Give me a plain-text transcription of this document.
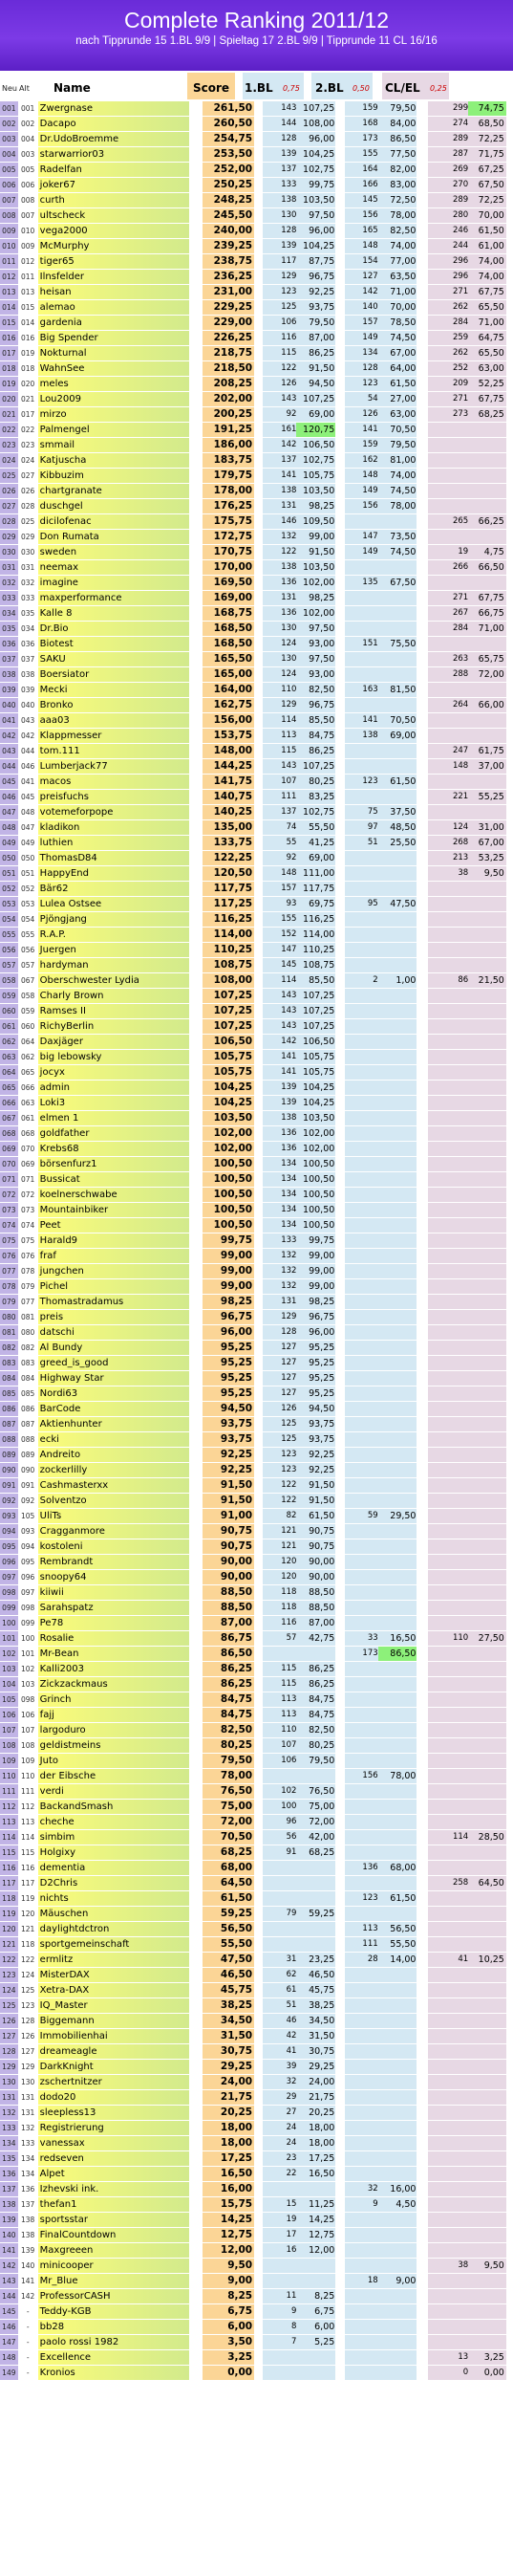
Complete Ranking 2011/12
nach Tipprunde 15 1.BL 9/9 | Spieltag 17 2.BL 9/9 | Tipprunde 11 CL 16/16
Neu Alt Name	Score 1.BL 0,75 2.BL 0,50 CL/EL 0,25
001	001	Zwergnase		261,50		143	107,25		159	79,50		299	74,75	
002	002	Dacapo		260,50		144	108,00		168	84,00		274	68,50	
003	004	Dr.UdoBroemme		254,75		128	96,00		173	86,50		289	72,25	
004	003	starwarrior03		253,50		139	104,25		155	77,50		287	71,75	
005	005	Radelfan		252,00		137	102,75		164	82,00		269	67,25	
006	006	joker67		250,25		133	99,75		166	83,00		270	67,50	
007	008	curth		248,25		138	103,50		145	72,50		289	72,25	
008	007	ultscheck		245,50		130	97,50		156	78,00		280	70,00	
009	010	vega2000		240,00		128	96,00		165	82,50		246	61,50	
010	009	McMurphy		239,25		139	104,25		148	74,00		244	61,00	
011	012	tiger65		238,75		117	87,75		154	77,00		296	74,00	
012	011	Ilnsfelder		236,25		129	96,75		127	63,50		296	74,00	
013	013	heisan		231,00		123	92,25		142	71,00		271	67,75	
014	015	alemao		229,25		125	93,75		140	70,00		262	65,50	
015	014	gardenia		229,00		106	79,50		157	78,50		284	71,00	
016	016	Big Spender		226,25		116	87,00		149	74,50		259	64,75	
017	019	Nokturnal		218,75		115	86,25		134	67,00		262	65,50	
018	018	WahnSee		218,50		122	91,50		128	64,00		252	63,00	
019	020	meles		208,25		126	94,50		123	61,50		209	52,25	
020	021	Lou2009		202,00		143	107,25		54	27,00		271	67,75	
021	017	mirzo		200,25		92	69,00		126	63,00		273	68,25	
022	022	Palmengel		191,25		161	120,75		141	70,50				
023	023	smmail		186,00		142	106,50		159	79,50				
024	024	Katjuscha		183,75		137	102,75		162	81,00				
025	027	Kibbuzim		179,75		141	105,75		148	74,00				
026	026	chartgranate		178,00		138	103,50		149	74,50				
027	028	duschgel		176,25		131	98,25		156	78,00				
028	025	dicilofenac		175,75		146	109,50					265	66,25	
029	029	Don Rumata		172,75		132	99,00		147	73,50				
030	030	sweden		170,75		122	91,50		149	74,50		19	4,75	
031	031	neemax		170,00		138	103,50					266	66,50	
032	032	imagine		169,50		136	102,00		135	67,50				
033	033	maxperformance		169,00		131	98,25					271	67,75	
034	035	Kalle 8		168,75		136	102,00					267	66,75	
035	034	Dr.Bio		168,50		130	97,50					284	71,00	
036	036	Biotest		168,50		124	93,00		151	75,50				
037	037	SAKU		165,50		130	97,50					263	65,75	
038	038	Boersiator		165,00		124	93,00					288	72,00	
039	039	Mecki		164,00		110	82,50		163	81,50				
040	040	Bronko		162,75		129	96,75					264	66,00	
041	043	aaa03		156,00		114	85,50		141	70,50				
042	042	Klappmesser		153,75		113	84,75		138	69,00				
043	044	tom.111		148,00		115	86,25					247	61,75	
044	046	Lumberjack77		144,25		143	107,25					148	37,00	
045	041	macos		141,75		107	80,25		123	61,50				
046	045	preisfuchs		140,75		111	83,25					221	55,25	
047	048	votemeforpope		140,25		137	102,75		75	37,50				
048	047	kladikon		135,00		74	55,50		97	48,50		124	31,00	
049	049	luthien		133,75		55	41,25		51	25,50		268	67,00	
050	050	ThomasD84		122,25		92	69,00					213	53,25	
051	051	HappyEnd		120,50		148	111,00					38	9,50	
052	052	Bär62		117,75		157	117,75							
053	053	Lulea Ostsee		117,25		93	69,75		95	47,50				
054	054	Pjöngjang		116,25		155	116,25							
055	055	R.A.P.		114,00		152	114,00							
056	056	Juergen		110,25		147	110,25							
057	057	hardyman		108,75		145	108,75							
058	067	Oberschwester Lydia		108,00		114	85,50		2	1,00		86	21,50	
059	058	Charly Brown		107,25		143	107,25							
060	059	Ramses II		107,25		143	107,25							
061	060	RichyBerlin		107,25		143	107,25							
062	064	Daxjäger		106,50		142	106,50							
063	062	big lebowsky		105,75		141	105,75							
064	065	jocyx		105,75		141	105,75							
065	066	admin		104,25		139	104,25							
066	063	Loki3		104,25		139	104,25							
067	061	elmen 1		103,50		138	103,50							
068	068	goldfather		102,00		136	102,00							
069	070	Krebs68		102,00		136	102,00							
070	069	börsenfurz1		100,50		134	100,50							
071	071	Bussicat		100,50		134	100,50							
072	072	koelnerschwabe		100,50		134	100,50							
073	073	Mountainbiker		100,50		134	100,50							
074	074	Peet		100,50		134	100,50							
075	075	Harald9		99,75		133	99,75							
076	076	fraf		99,00		132	99,00							
077	078	jungchen		99,00		132	99,00							
078	079	Pichel		99,00		132	99,00							
079	077	Thomastradamus		98,25		131	98,25							
080	081	preis		96,75		129	96,75							
081	080	datschi		96,00		128	96,00							
082	082	Al Bundy		95,25		127	95,25							
083	083	greed_is_good		95,25		127	95,25							
084	084	Highway Star		95,25		127	95,25							
085	085	Nordi63		95,25		127	95,25							
086	086	BarCode		94,50		126	94,50							
087	087	Aktienhunter		93,75		125	93,75							
088	088	ecki		93,75		125	93,75							
089	089	Andreito		92,25		123	92,25							
090	090	zockerlilly		92,25		123	92,25							
091	091	Cashmasterxx		91,50		122	91,50							
092	092	Solventzo		91,50		122	91,50							
093	105	UliTs		91,00		82	61,50		59	29,50				
094	093	Cragganmore		90,75		121	90,75							
095	094	kostoleni		90,75		121	90,75							
096	095	Rembrandt		90,00		120	90,00							
097	096	snoopy64		90,00		120	90,00							
098	097	kiiwii		88,50		118	88,50							
099	098	Sarahspatz		88,50		118	88,50							
100	099	Pe78		87,00		116	87,00							
101	100	Rosalie		86,75		57	42,75		33	16,50		110	27,50	
102	101	Mr-Bean		86,50					173	86,50				
103	102	Kalli2003		86,25		115	86,25							
104	103	Zickzackmaus		86,25		115	86,25							
105	098	Grinch		84,75		113	84,75							
106	106	fajj		84,75		113	84,75							
107	107	largoduro		82,50		110	82,50							
108	108	geldistmeins		80,25		107	80,25							
109	109	Juto		79,50		106	79,50							
110	110	der Eibsche		78,00					156	78,00				
111	111	verdi		76,50		102	76,50							
112	112	BackandSmash		75,00		100	75,00							
113	113	cheche		72,00		96	72,00							
114	114	simbim		70,50		56	42,00					114	28,50	
115	115	Holgixy		68,25		91	68,25							
116	116	dementia		68,00					136	68,00				
117	117	D2Chris		64,50								258	64,50	
118	119	nichts		61,50					123	61,50				
119	120	Mäuschen		59,25		79	59,25							
120	121	daylightdctron		56,50					113	56,50				
121	118	sportgemeinschaft		55,50					111	55,50				
122	122	ermlitz		47,50		31	23,25		28	14,00		41	10,25	
123	124	MisterDAX		46,50		62	46,50							
124	125	Xetra-DAX		45,75		61	45,75							
125	123	IQ_Master		38,25		51	38,25							
126	128	Biggemann		34,50		46	34,50							
127	126	Immobilienhai		31,50		42	31,50							
128	127	dreameagle		30,75		41	30,75							
129	129	DarkKnight		29,25		39	29,25							
130	130	zschertnitzer		24,00		32	24,00							
131	131	dodo20		21,75		29	21,75							
132	131	sleepless13		20,25		27	20,25							
133	132	Registrierung		18,00		24	18,00							
134	133	vanessax		18,00		24	18,00							
135	134	redseven		17,25		23	17,25							
136	134	Alpet		16,50		22	16,50							
137	136	Izhevski ink.		16,00					32	16,00				
138	137	thefan1		15,75		15	11,25		9	4,50				
139	138	sportsstar		14,25		19	14,25							
140	138	FinalCountdown		12,75		17	12,75							
141	139	Maxgreeen		12,00		16	12,00							
142	140	minicooper		9,50								38	9,50	
143	141	Mr_Blue		9,00					18	9,00				
144	142	ProfessorCASH		8,25		11	8,25							
145	-	Teddy-KGB		6,75		9	6,75							
146	-	bb28		6,00		8	6,00							
147	-	paolo rossi 1982		3,50		7	5,25							
148	-	Excellence		3,25								13	3,25	
149	-	Kronios		0,00								0	0,00	
